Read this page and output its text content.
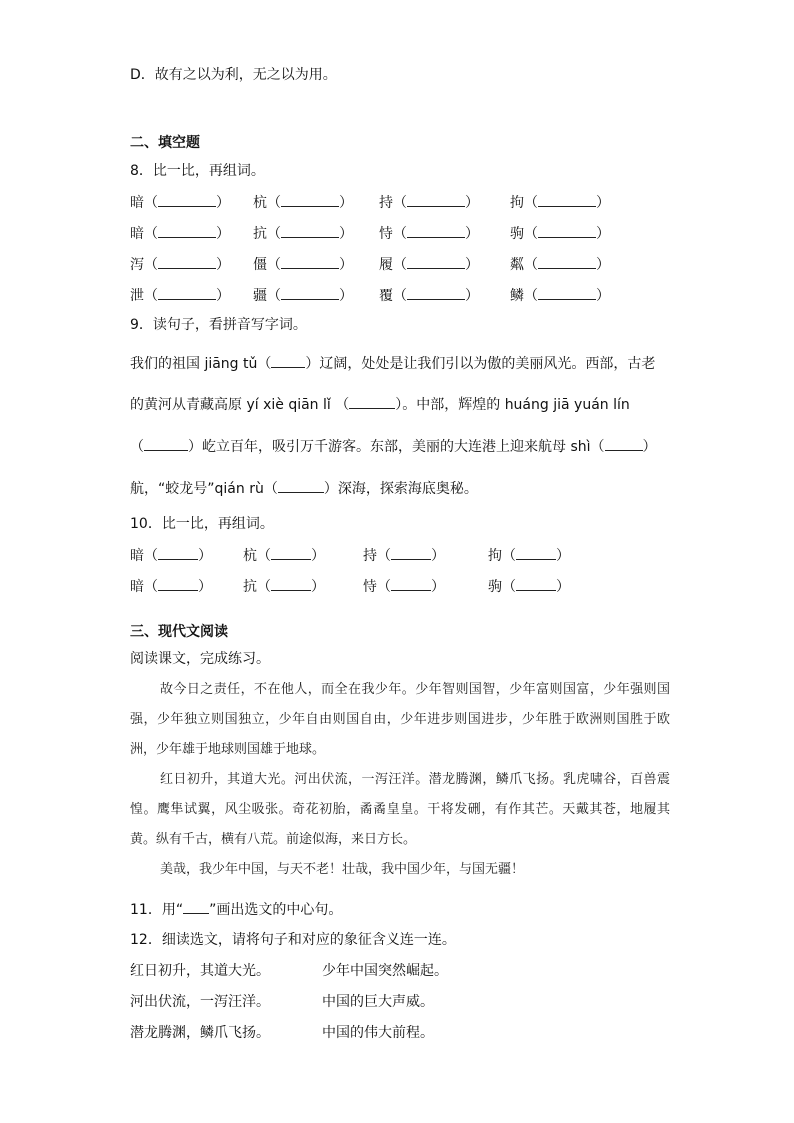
D．故有之以为利，无之以为用。
二、填空题
8．比一比，再组词。
暗（	） 杭（	） 持（	） 拘（	）
暗（	） 抗（	） 恃（	） 驹（	）
泻（	） 僵（	） 履（	） 粼（	）
泄（	） 疆（	） 覆（	） 鳞（	）
9．读句子，看拼音写字词。
我们的祖国 jiāng tǔ（ ）辽阔，处处是让我们引以为傲的美丽风光。西部，古老
的黄河从青藏高原 yí xiè qiān lǐ （	）。中部，辉煌的 huáng jiā yuán lín
（	）屹立百年，吸引万千游客。东部，美丽的大连港上迎来航母 shì（	）
航，“蛟龙号”qián rù（	）深海，探索海底奥秘。
10．比一比，再组词。
暗（	） 杭（	）	持（	）	拘（	）
暗（	） 抗（	）	恃（	）	驹（	）
三、现代文阅读
阅读课文，完成练习。

故今日之责任，不在他人，而全在我少年。少年智则国智，少年富则国富，少年强则国强，少年独立则国独立，少年自由则国自由，少年进步则国进步，少年胜于欧洲则国胜于欧洲，少年雄于地球则国雄于地球。

红日初升，其道大光。河出伏流，一泻汪洋。潜龙腾渊，鳞爪飞扬。乳虎啸谷，百兽震惶。鹰隼试翼，风尘吸张。奇花初胎，矞矞皇皇。干将发硎，有作其芒。天戴其苍，地履其黄。纵有千古，横有八荒。前途似海，来日方长。

美哉，我少年中国，与天不老！壮哉，我中国少年，与国无疆！

11．用“ ”画出选文的中心句。
12．细读选文，请将句子和对应的象征含义连一连。
红日初升，其道大光。	少年中国突然崛起。
河出伏流，一泻汪洋。	中国的巨大声威。
潜龙腾渊，鳞爪飞扬。	中国的伟大前程。
